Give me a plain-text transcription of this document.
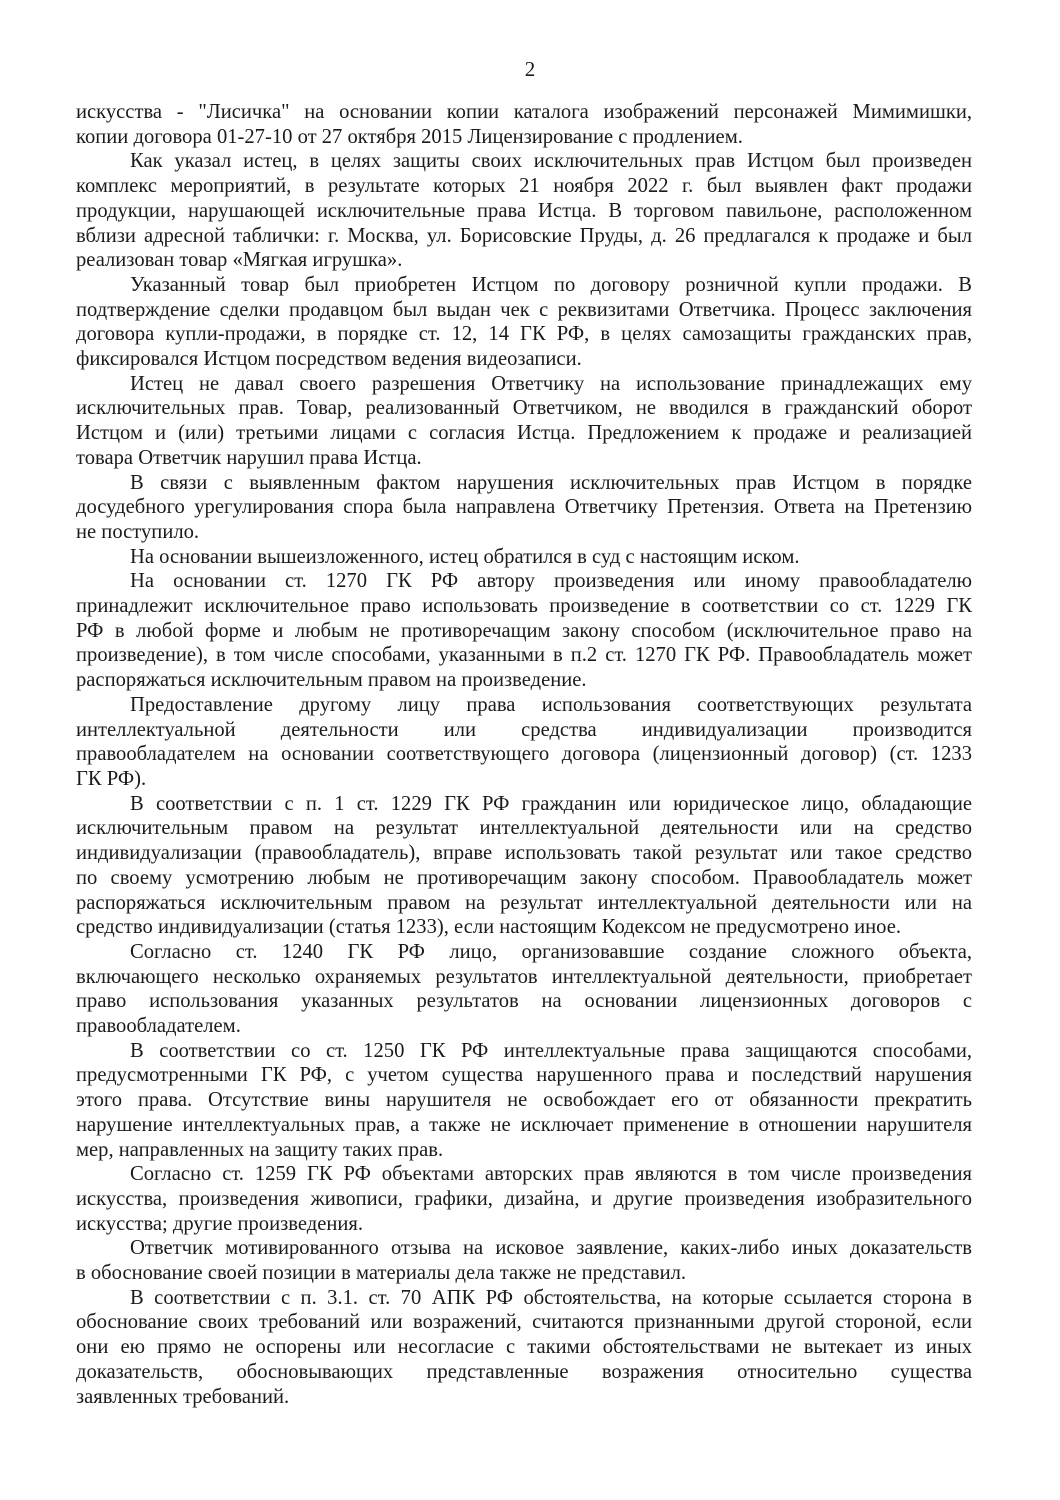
2
искусства - "Лисичка" на основании копии каталога изображений персонажей Мимимишки,
копии договора 01-27-10 от 27 октября 2015 Лицензирование с продлением.
Как указал истец, в целях защиты своих исключительных прав Истцом был произведен
комплекс мероприятий, в результате которых 21 ноября 2022 г. был выявлен факт продажи
продукции, нарушающей исключительные права Истца. В торговом павильоне, расположенном
вблизи адресной таблички: г. Москва, ул. Борисовские Пруды, д. 26 предлагался к продаже и был
реализован товар «Мягкая игрушка».
Указанный товар был приобретен Истцом по договору розничной купли продажи. В
подтверждение сделки продавцом был выдан чек с реквизитами Ответчика. Процесс заключения
договора купли-продажи, в порядке ст. 12, 14 ГК РФ, в целях самозащиты гражданских прав,
фиксировался Истцом посредством ведения видеозаписи.
Истец не давал своего разрешения Ответчику на использование принадлежащих ему
исключительных прав. Товар, реализованный Ответчиком, не вводился в гражданский оборот
Истцом и (или) третьими лицами с согласия Истца. Предложением к продаже и реализацией
товара Ответчик нарушил права Истца.
В связи с выявленным фактом нарушения исключительных прав Истцом в порядке
досудебного урегулирования спора была направлена Ответчику Претензия. Ответа на Претензию
не поступило.
На основании вышеизложенного, истец обратился в суд с настоящим иском.
На основании ст. 1270 ГК РФ автору произведения или иному правообладателю
принадлежит исключительное право использовать произведение в соответствии со ст. 1229 ГК
РФ в любой форме и любым не противоречащим закону способом (исключительное право на
произведение), в том числе способами, указанными в п.2 ст. 1270 ГК РФ. Правообладатель может
распоряжаться исключительным правом на произведение.
Предоставление другому лицу права использования соответствующих результата
интеллектуальной деятельности или средства индивидуализации производится
правообладателем на основании соответствующего договора (лицензионный договор) (ст. 1233
ГК РФ).
В соответствии с п. 1 ст. 1229 ГК РФ гражданин или юридическое лицо, обладающие
исключительным правом на результат интеллектуальной деятельности или на средство
индивидуализации (правообладатель), вправе использовать такой результат или такое средство
по своему усмотрению любым не противоречащим закону способом. Правообладатель может
распоряжаться исключительным правом на результат интеллектуальной деятельности или на
средство индивидуализации (статья 1233), если настоящим Кодексом не предусмотрено иное.
Согласно ст. 1240 ГК РФ лицо, организовавшие создание сложного объекта,
включающего несколько охраняемых результатов интеллектуальной деятельности, приобретает
право использования указанных результатов на основании лицензионных договоров с
правообладателем.
В соответствии со ст. 1250 ГК РФ интеллектуальные права защищаются способами,
предусмотренными ГК РФ, с учетом существа нарушенного права и последствий нарушения
этого права. Отсутствие вины нарушителя не освобождает его от обязанности прекратить
нарушение интеллектуальных прав, а также не исключает применение в отношении нарушителя
мер, направленных на защиту таких прав.
Согласно ст. 1259 ГК РФ объектами авторских прав являются в том числе произведения
искусства, произведения живописи, графики, дизайна, и другие произведения изобразительного
искусства; другие произведения.
Ответчик мотивированного отзыва на исковое заявление, каких-либо иных доказательств
в обоснование своей позиции в материалы дела также не представил.
В соответствии с п. 3.1. ст. 70 АПК РФ обстоятельства, на которые ссылается сторона в
обоснование своих требований или возражений, считаются признанными другой стороной, если
они ею прямо не оспорены или несогласие с такими обстоятельствами не вытекает из иных
доказательств, обосновывающих представленные возражения относительно существа
заявленных требований.
